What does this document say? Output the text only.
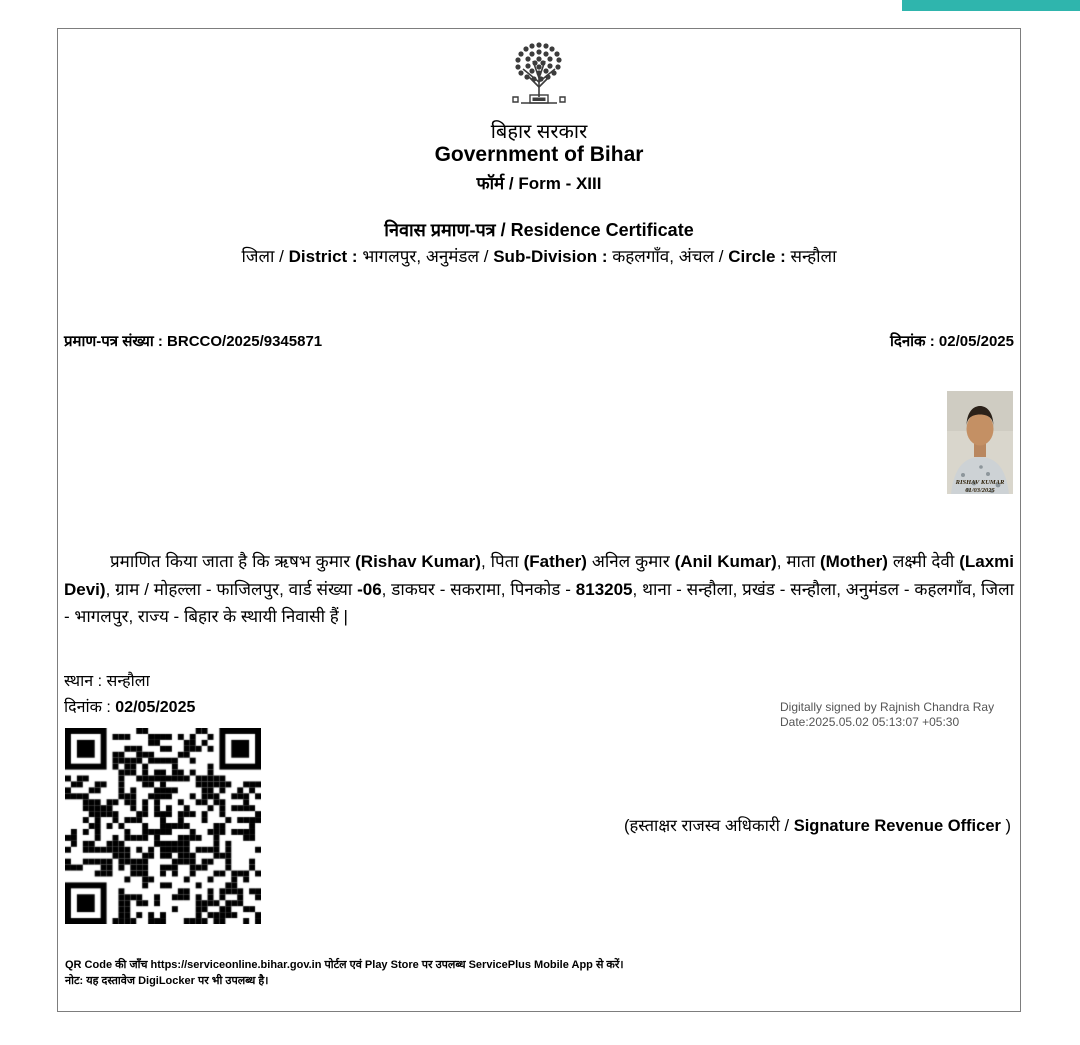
बिहार सरकार
Government of Bihar
फॉर्म / Form - XIII
निवास प्रमाण-पत्र / Residence Certificate
जिला / District : भागलपुर, अनुमंडल / Sub-Division : कहलगाँव, अंचल / Circle : सन्हौला
प्रमाण-पत्र संख्या : BRCCO/2025/9345871	दिनांक : 02/05/2025
RISHAV KUMAR
01/03/2025
प्रमाणित किया जाता है कि ऋषभ कुमार (Rishav Kumar), पिता (Father) अनिल कुमार (Anil Kumar), माता (Mother) लक्ष्मी देवी (Laxmi Devi), ग्राम / मोहल्ला - फाजिलपुर, वार्ड संख्या -06, डाकघर - सकरामा, पिनकोड - 813205, थाना - सन्हौला, प्रखंड - सन्हौला, अनुमंडल - कहलगाँव, जिला - भागलपुर, राज्य - बिहार के स्थायी निवासी हैं |
स्थान : सन्हौला
दिनांक : 02/05/2025	Digitally signed by Rajnish Chandra Ray
Date:2025.05.02 05:13:07 +05:30
(हस्ताक्षर राजस्व अधिकारी / Signature Revenue Officer )
QR Code की जाँच https://serviceonline.bihar.gov.in पोर्टल एवं Play Store पर उपलब्ध ServicePlus Mobile App से करें।
नोट: यह दस्तावेज DigiLocker पर भी उपलब्ध है।
